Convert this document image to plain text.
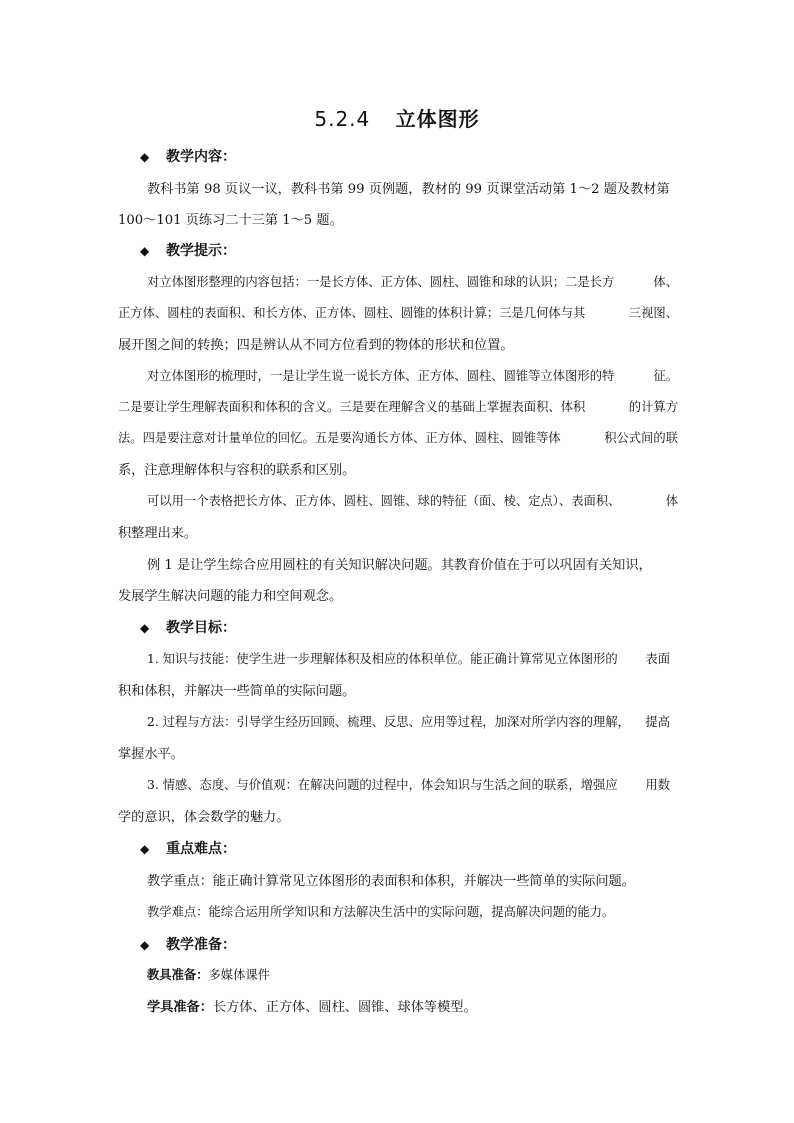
5.2.4 立体图形
◆ 教学内容：
教科书第 98 页议一议，教科书第 99 页例题，教材的 99 页课堂活动第 1～2 题及教材第
100～101 页练习二十三第 1～5 题。
◆ 教学提示：
对立体图形整理的内容包括：一是长方体、正方体、圆柱、圆锥和球的认识；二是长方	体、
正方体、圆柱的表面积、和长方体、正方体、圆柱、圆锥的体积计算；三是几何体与其	三视图、
展开图之间的转换；四是辨认从不同方位看到的物体的形状和位置。
对立体图形的梳理时，一是让学生说一说长方体、正方体、圆柱、圆锥等立体图形的特	征。
二是要让学生理解表面积和体积的含义。三是要在理解含义的基础上掌握表面积、体积	的计算方
法。四是要注意对计量单位的回忆。五是要沟通长方体、正方体、圆柱、圆锥等体	积公式间的联
系，注意理解体积与容积的联系和区别。
可以用一个表格把长方体、正方体、圆柱、圆锥、球的特征（面、棱、定点）、表面积、	体
积整理出来。
例 1 是让学生综合应用圆柱的有关知识解决问题。其教育价值在于可以巩固有关知识，
发展学生解决问题的能力和空间观念。
◆ 教学目标：
1. 知识与技能：使学生进一步理解体积及相应的体积单位。能正确计算常见立体图形的 表面
积和体积，并解决一些简单的实际问题。
2. 过程与方法：引导学生经历回顾、梳理、反思、应用等过程，加深对所学内容的理解， 提高
掌握水平。
3. 情感、态度、与价值观：在解决问题的过程中，体会知识与生活之间的联系，增强应 用数
学的意识，体会数学的魅力。
◆ 重点难点：
教学重点：能正确计算常见立体图形的表面积和体积，并解决一些简单的实际问题。
教学难点：能综合运用所学知识和方法解决生活中的实际问题，提高解决问题的能力。
◆ 教学准备：
教具准备：多媒体课件
学具准备：长方体、正方体、圆柱、圆锥、球体等模型。
